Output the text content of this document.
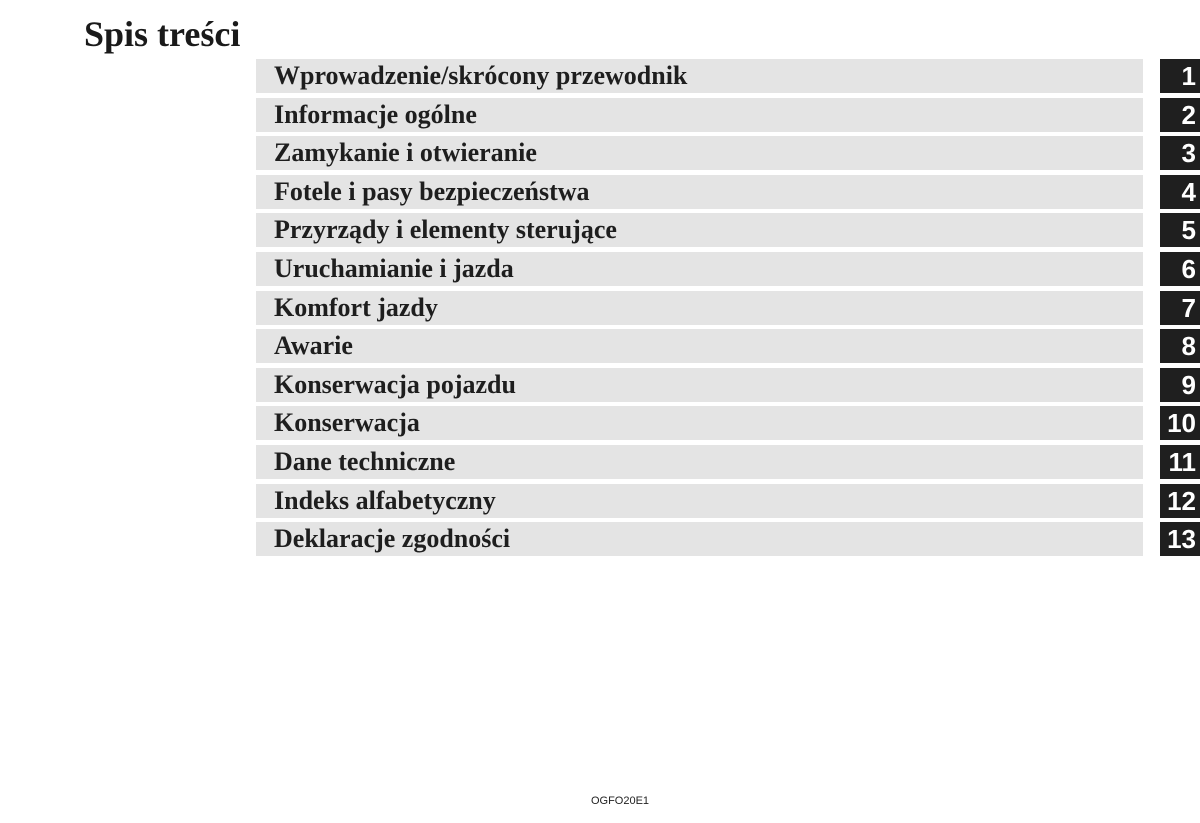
Spis treści
Wprowadzenie/skrócony przewodnik	1
Informacje ogólne	2
Zamykanie i otwieranie	3
Fotele i pasy bezpieczeństwa	4
Przyrządy i elementy sterujące	5
Uruchamianie i jazda	6
Komfort jazdy	7
Awarie	8
Konserwacja pojazdu	9
Konserwacja	10
Dane techniczne	11
Indeks alfabetyczny	12
Deklaracje zgodności	13
OGFO20E1
